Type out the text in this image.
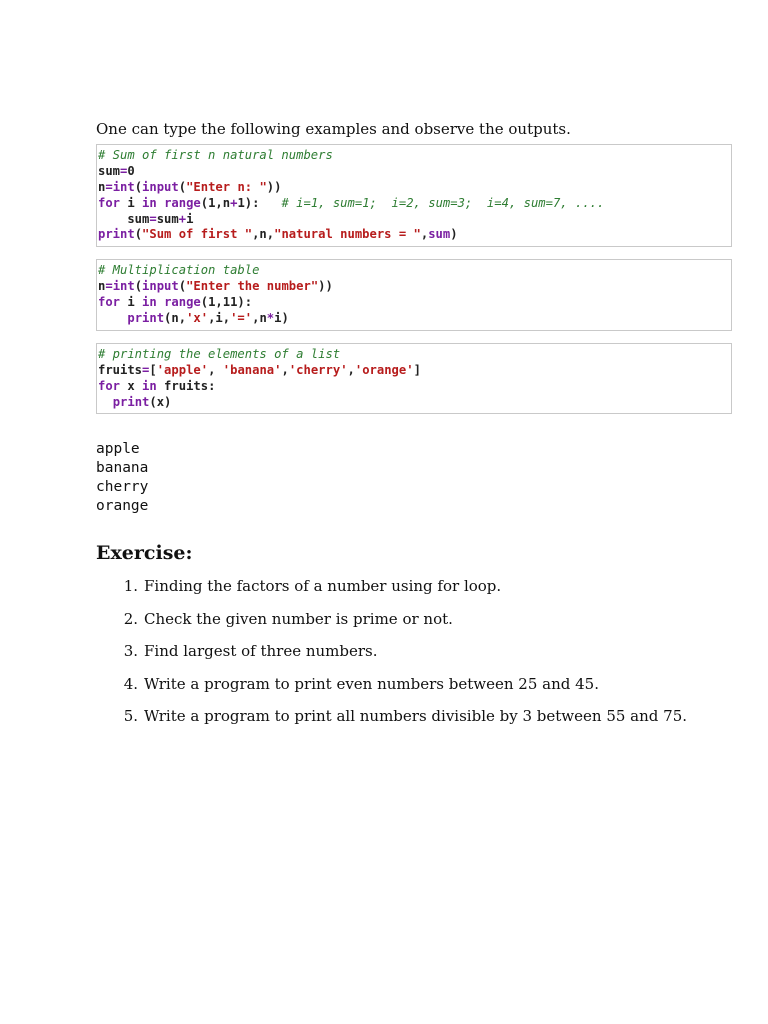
One can type the following examples and observe the outputs.

# Sum of first n natural numbers
sum=0
n=int(input("Enter n: "))
for i in range(1,n+1):   # i=1, sum=1;  i=2, sum=3;  i=4, sum=7, ....
sum=sum+i
print("Sum of first ",n,"natural numbers = ",sum)
# Multiplication table
n=int(input("Enter the number"))
for i in range(1,11):
print(n,'x',i,'=',n*i)
# printing the elements of a list
fruits=['apple', 'banana','cherry','orange']
for x in fruits:
print(x)
apple
banana
cherry
orange
Exercise:
1. Finding the factors of a number using for loop.
2. Check the given number is prime or not.
3. Find largest of three numbers.
4. Write a program to print even numbers between 25 and 45.
5. Write a program to print all numbers divisible by 3 between 55 and 75.
